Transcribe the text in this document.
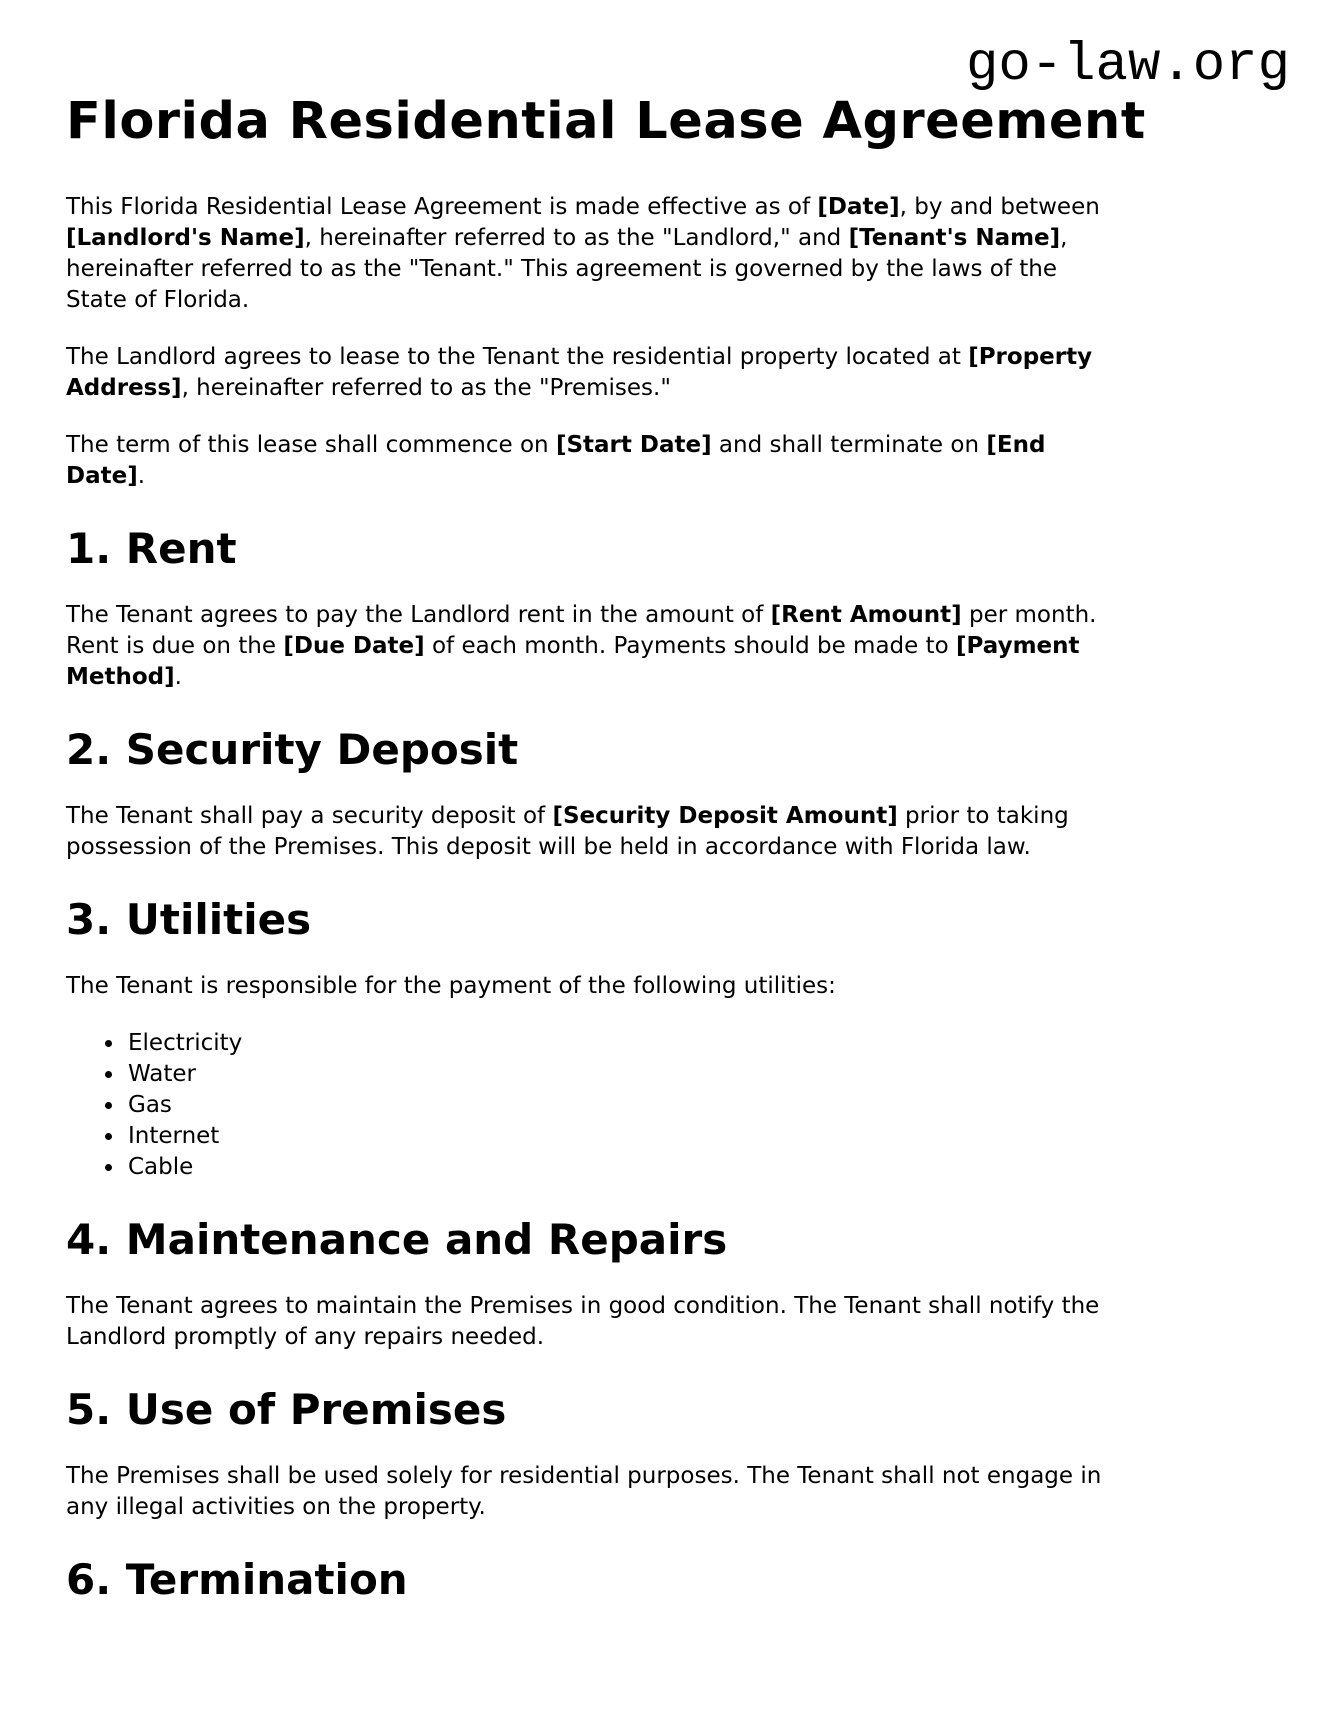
go-law.org
Florida Residential Lease Agreement

This Florida Residential Lease Agreement is made effective as of [Date], by and between
[Landlord's Name], hereinafter referred to as the "Landlord," and [Tenant's Name],
hereinafter referred to as the "Tenant." This agreement is governed by the laws of the
State of Florida.

The Landlord agrees to lease to the Tenant the residential property located at [Property
Address], hereinafter referred to as the "Premises."

The term of this lease shall commence on [Start Date] and shall terminate on [End
Date].

1. Rent

The Tenant agrees to pay the Landlord rent in the amount of [Rent Amount] per month.
Rent is due on the [Due Date] of each month. Payments should be made to [Payment
Method].

2. Security Deposit

The Tenant shall pay a security deposit of [Security Deposit Amount] prior to taking
possession of the Premises. This deposit will be held in accordance with Florida law.

3. Utilities

The Tenant is responsible for the payment of the following utilities:

• Electricity
• Water
• Gas
• Internet
• Cable
4. Maintenance and Repairs

The Tenant agrees to maintain the Premises in good condition. The Tenant shall notify the
Landlord promptly of any repairs needed.

5. Use of Premises

The Premises shall be used solely for residential purposes. The Tenant shall not engage in
any illegal activities on the property.

6. Termination
